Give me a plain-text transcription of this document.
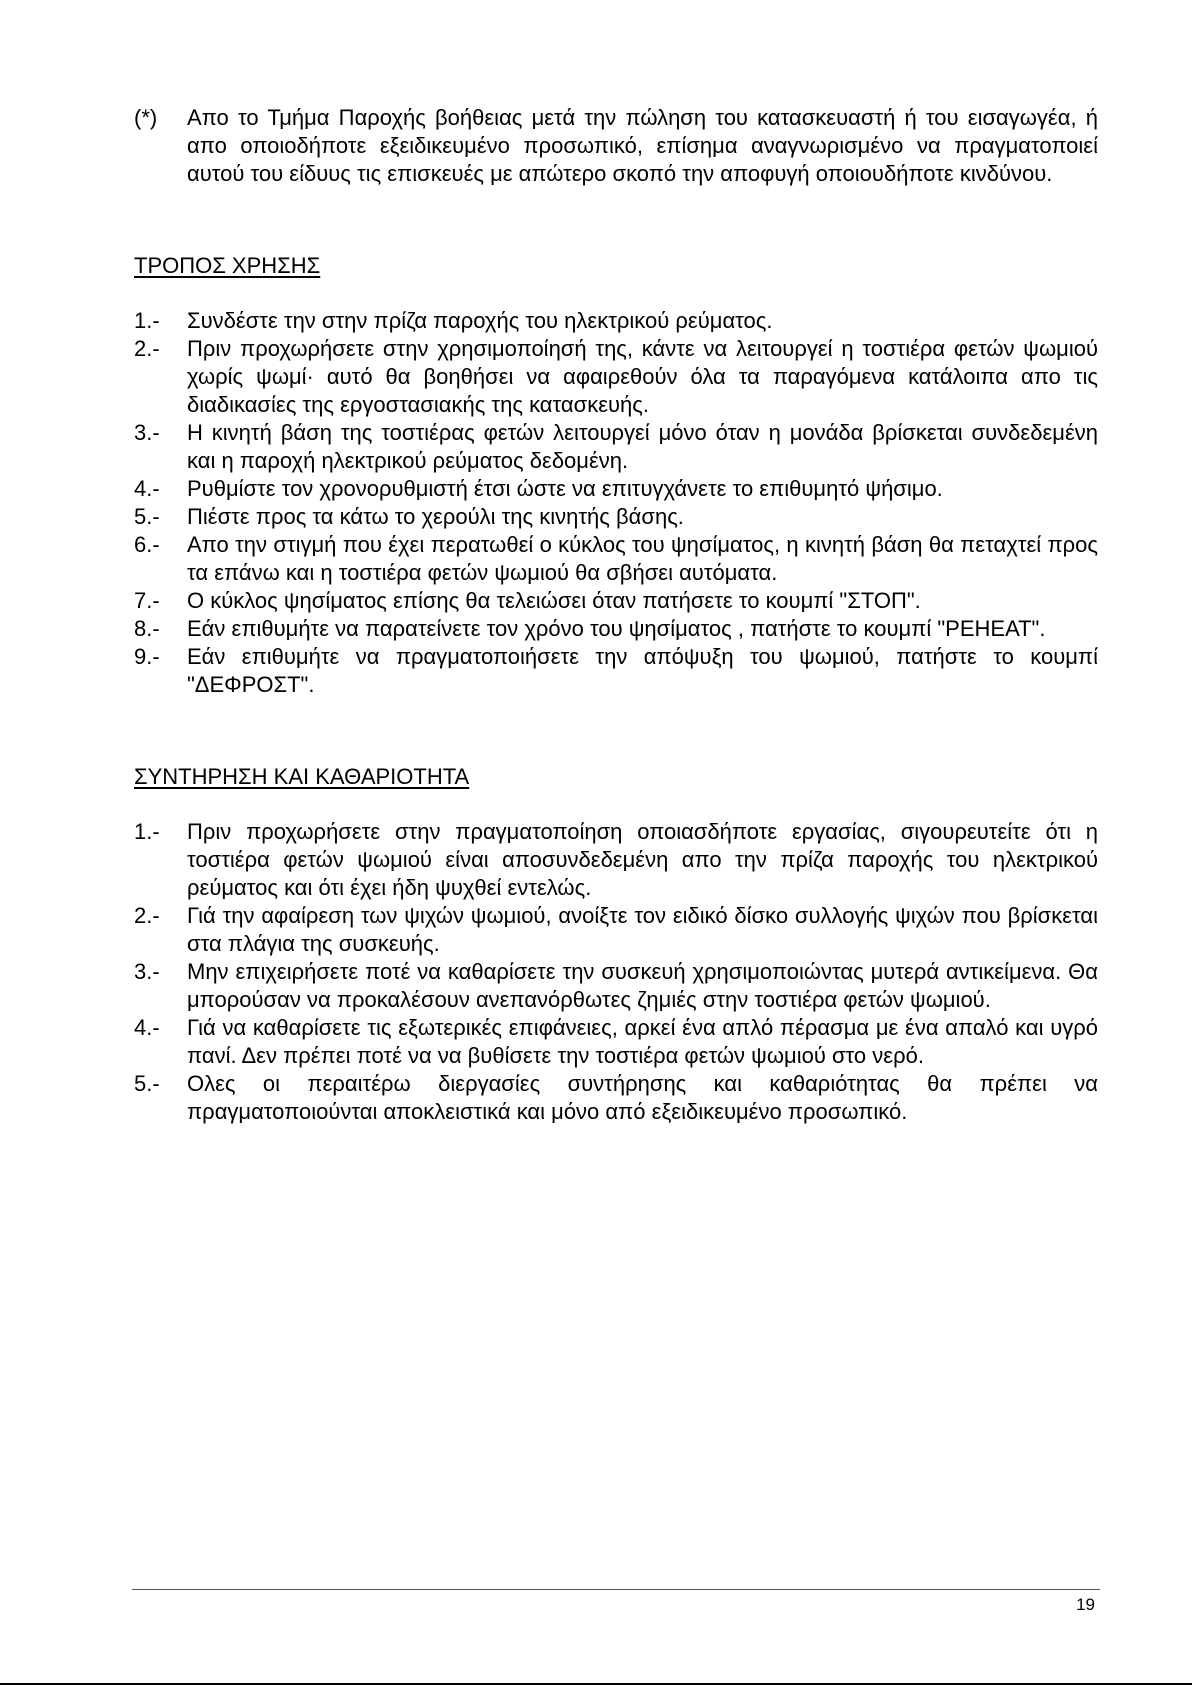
(*)	Απο το Τμήμα Παροχής βοήθειας μετά την πώληση του κατασκευαστή ή του εισαγωγέα, ή απο οποιοδήποτε εξειδικευμένο προσωπικό, επίσημα αναγνωρισμένο να πραγματοποιεί αυτού του είδυυς τις επισκευές με απώτερο σκοπό την αποφυγή οποιουδήποτε κινδύνου.
ΤΡΟΠΟΣ ΧΡΗΣΗΣ
1.-	Συνδέστε την στην πρίζα παροχής του ηλεκτρικού ρεύματος.
2.-	Πριν προχωρήσετε στην χρησιμοποίησή της, κάντε να λειτουργεί η τοστιέρα φετών ψωμιού χωρίς ψωμί· αυτό θα βοηθήσει να αφαιρεθούν όλα τα παραγόμενα κατάλοιπα απο τις διαδικασίες της εργοστασιακής της κατασκευής.
3.-	Η κινητή βάση της τοστιέρας φετών λειτουργεί μόνο όταν η μονάδα βρίσκεται συνδεδεμένη και η παροχή ηλεκτρικού ρεύματος δεδομένη.
4.-	Ρυθμίστε τον χρονορυθμιστή έτσι ώστε να επιτυγχάνετε το επιθυμητό ψήσιμο.
5.-	Πιέστε προς τα κάτω το χερούλι της κινητής βάσης.
6.-	Απο την στιγμή που έχει περατωθεί ο κύκλος του ψησίματος, η κινητή βάση θα πεταχτεί προς τα επάνω και η τοστιέρα φετών ψωμιού θα σβήσει αυτόματα.
7.-	Ο κύκλος ψησίματος επίσης θα τελειώσει όταν πατήσετε το κουμπί "ΣΤΟΠ".
8.-	Εάν επιθυμήτε να παρατείνετε τον χρόνο του ψησίματος , πατήστε το κουμπί "ΡΕΗΕΑΤ".
9.-	Εάν επιθυμήτε να πραγματοποιήσετε την απόψυξη του ψωμιού, πατήστε το κουμπί "ΔΕΦΡΟΣΤ".
ΣΥΝΤΗΡΗΣΗ ΚΑΙ ΚΑΘΑΡΙΟΤΗΤΑ
1.-	Πριν προχωρήσετε στην πραγματοποίηση οποιασδήποτε εργασίας, σιγουρευτείτε ότι η τοστιέρα φετών ψωμιού είναι αποσυνδεδεμένη απο την πρίζα παροχής του ηλεκτρικού ρεύματος και ότι έχει ήδη ψυχθεί εντελώς.
2.-	Γιά την αφαίρεση των ψιχών ψωμιού, ανοίξτε τον ειδικό δίσκο συλλογής ψιχών που βρίσκεται στα πλάγια της συσκευής.
3.-	Μην επιχειρήσετε ποτέ να καθαρίσετε την συσκευή χρησιμοποιώντας μυτερά αντικείμενα. Θα μπορούσαν να προκαλέσουν ανεπανόρθωτες ζημιές στην τοστιέρα φετών ψωμιού.
4.-	Γιά να καθαρίσετε τις εξωτερικές επιφάνειες, αρκεί ένα απλό πέρασμα με ένα απαλό και υγρό πανί. Δεν πρέπει ποτέ να να βυθίσετε την τοστιέρα φετών ψωμιού στο νερό.
5.-	Ολες οι περαιτέρω διεργασίες συντήρησης και καθαριότητας θα πρέπει να πραγματοποιούνται αποκλειστικά και μόνο από εξειδικευμένο προσωπικό.
19
